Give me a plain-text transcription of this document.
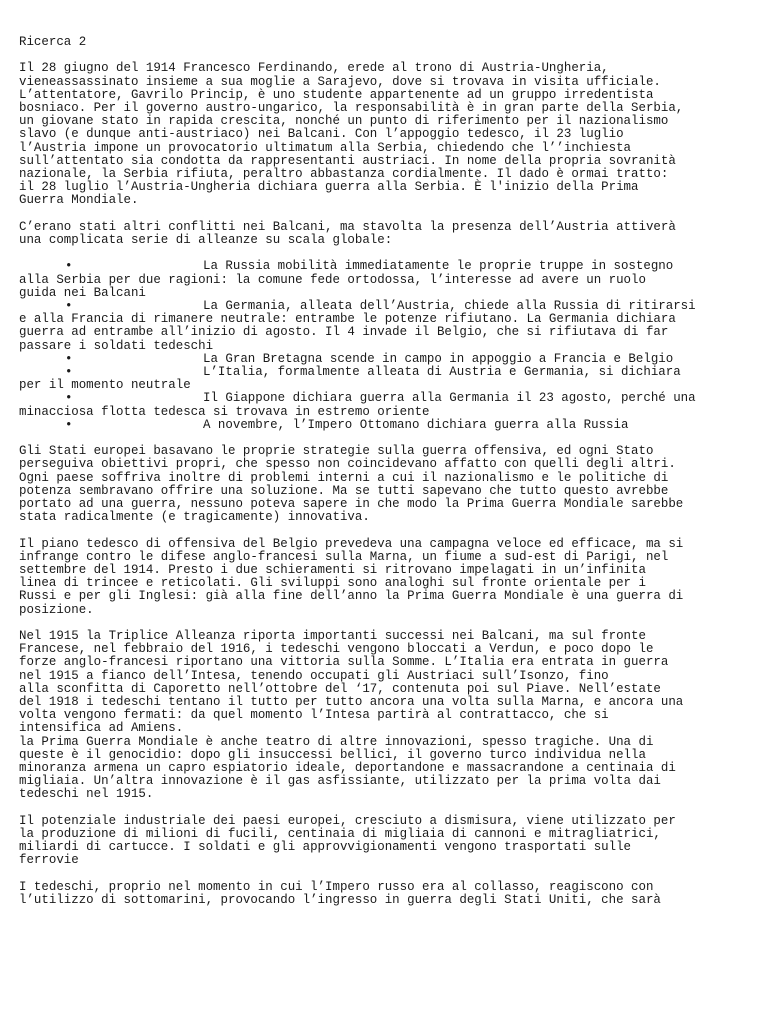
Ricerca 2
Il 28 giugno del 1914 Francesco Ferdinando, erede al trono di Austria-Ungheria,
vieneassassinato insieme a sua moglie a Sarajevo, dove si trovava in visita ufficiale.
L’attentatore, Gavrilo Princip, è uno studente appartenente ad un gruppo irredentista
bosniaco. Per il governo austro-ungarico, la responsabilità è in gran parte della Serbia,
un giovane stato in rapida crescita, nonché un punto di riferimento per il nazionalismo
slavo (e dunque anti-austriaco) nei Balcani. Con l’appoggio tedesco, il 23 luglio
l’Austria impone un provocatorio ultimatum alla Serbia, chiedendo che l’’inchiesta
sull’attentato sia condotta da rappresentanti austriaci. In nome della propria sovranità
nazionale, la Serbia rifiuta, peraltro abbastanza cordialmente. Il dado è ormai tratto:
il 28 luglio l’Austria-Ungheria dichiara guerra alla Serbia. È l'inizio della Prima
Guerra Mondiale.
C’erano stati altri conflitti nei Balcani, ma stavolta la presenza dell’Austria attiverà
una complicata serie di alleanze su scala globale:
•	La Russia mobilità immediatamente le proprie truppe in sostegno
alla Serbia per due ragioni: la comune fede ortodossa, l’interesse ad avere un ruolo
guida nei Balcani
•	La Germania, alleata dell’Austria, chiede alla Russia di ritirarsi
e alla Francia di rimanere neutrale: entrambe le potenze rifiutano. La Germania dichiara
guerra ad entrambe all’inizio di agosto. Il 4 invade il Belgio, che si rifiutava di far
passare i soldati tedeschi
•	La Gran Bretagna scende in campo in appoggio a Francia e Belgio
•	L’Italia, formalmente alleata di Austria e Germania, si dichiara
per il momento neutrale
•	Il Giappone dichiara guerra alla Germania il 23 agosto, perché una
minacciosa flotta tedesca si trovava in estremo oriente
•	A novembre, l’Impero Ottomano dichiara guerra alla Russia
Gli Stati europei basavano le proprie strategie sulla guerra offensiva, ed ogni Stato
perseguiva obiettivi propri, che spesso non coincidevano affatto con quelli degli altri.
Ogni paese soffriva inoltre di problemi interni a cui il nazionalismo e le politiche di
potenza sembravano offrire una soluzione. Ma se tutti sapevano che tutto questo avrebbe
portato ad una guerra, nessuno poteva sapere in che modo la Prima Guerra Mondiale sarebbe
stata radicalmente (e tragicamente) innovativa.
Il piano tedesco di offensiva del Belgio prevedeva una campagna veloce ed efficace, ma si
infrange contro le difese anglo-francesi sulla Marna, un fiume a sud-est di Parigi, nel
settembre del 1914. Presto i due schieramenti si ritrovano impelagati in un’infinita
linea di trincee e reticolati. Gli sviluppi sono analoghi sul fronte orientale per i
Russi e per gli Inglesi: già alla fine dell’anno la Prima Guerra Mondiale è una guerra di
posizione.
Nel 1915 la Triplice Alleanza riporta importanti successi nei Balcani, ma sul fronte
Francese, nel febbraio del 1916, i tedeschi vengono bloccati a Verdun, e poco dopo le
forze anglo-francesi riportano una vittoria sulla Somme. L’Italia era entrata in guerra
nel 1915 a fianco dell’Intesa, tenendo occupati gli Austriaci sull’Isonzo, fino
alla sconfitta di Caporetto nell’ottobre del ‘17, contenuta poi sul Piave. Nell’estate
del 1918 i tedeschi tentano il tutto per tutto ancora una volta sulla Marna, e ancora una
volta vengono fermati: da quel momento l’Intesa partirà al contrattacco, che si
intensifica ad Amiens.
la Prima Guerra Mondiale è anche teatro di altre innovazioni, spesso tragiche. Una di
queste è il genocidio: dopo gli insuccessi bellici, il governo turco individua nella
minoranza armena un capro espiatorio ideale, deportandone e massacrandone a centinaia di
migliaia. Un’altra innovazione è il gas asfissiante, utilizzato per la prima volta dai
tedeschi nel 1915.
Il potenziale industriale dei paesi europei, cresciuto a dismisura, viene utilizzato per
la produzione di milioni di fucili, centinaia di migliaia di cannoni e mitragliatrici,
miliardi di cartucce. I soldati e gli approvvigionamenti vengono trasportati sulle
ferrovie
I tedeschi, proprio nel momento in cui l’Impero russo era al collasso, reagiscono con
l’utilizzo di sottomarini, provocando l’ingresso in guerra degli Stati Uniti, che sarà
